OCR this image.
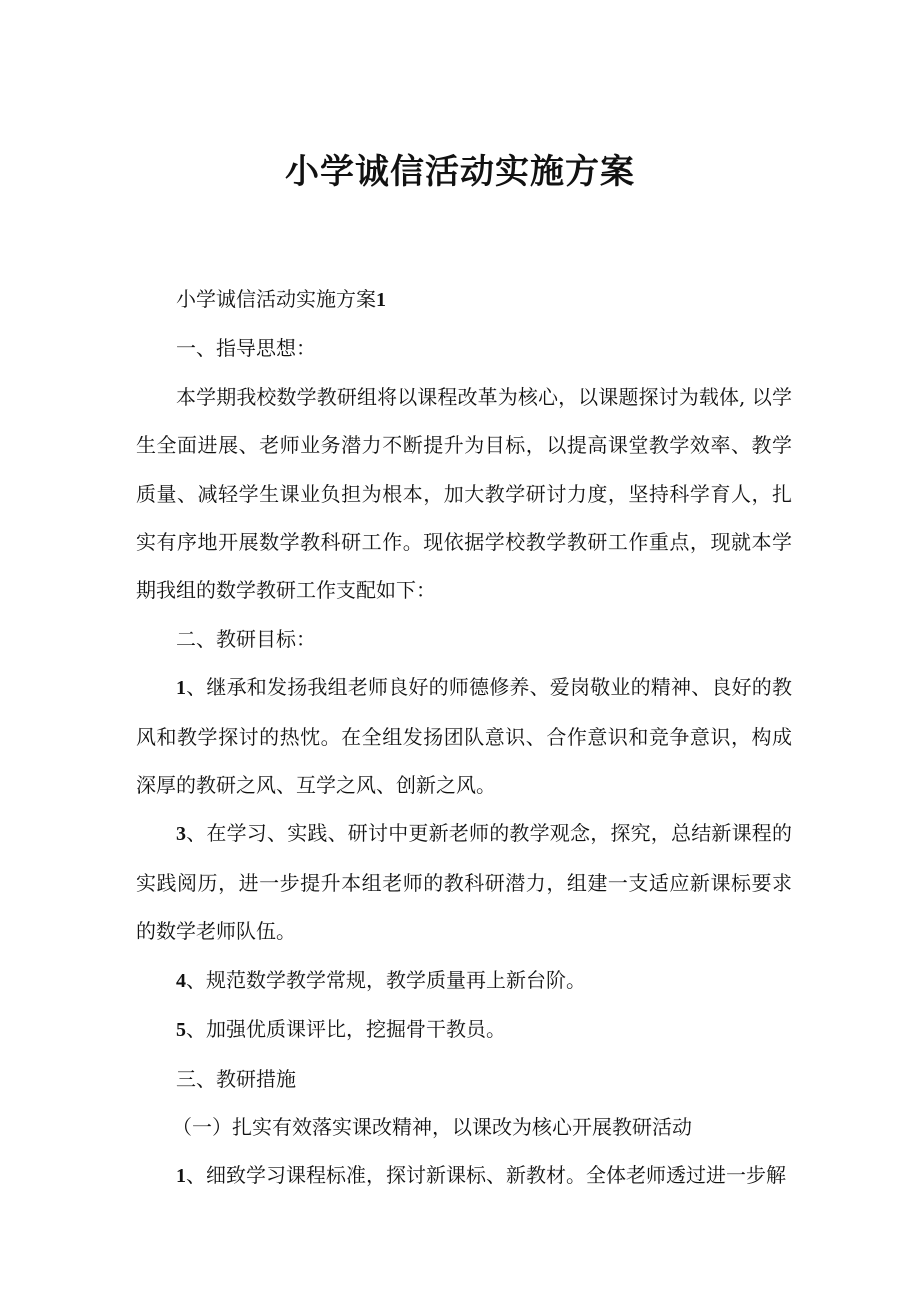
小学诚信活动实施方案

小学诚信活动实施方案1

一、指导思想：

本学期我校数学教研组将以课程改革为核心，以课题探讨为载体, 以学生全面进展、老师业务潜力不断提升为目标，以提高课堂教学效率、教学质量、减轻学生课业负担为根本，加大教学研讨力度，坚持科学育人，扎实有序地开展数学教科研工作。现依据学校教学教研工作重点，现就本学期我组的数学教研工作支配如下：

二、教研目标：

1、继承和发扬我组老师良好的师德修养、爱岗敬业的精神、良好的教风和教学探讨的热忱。在全组发扬团队意识、合作意识和竞争意识，构成深厚的教研之风、互学之风、创新之风。

3、在学习、实践、研讨中更新老师的教学观念，探究，总结新课程的实践阅历，进一步提升本组老师的教科研潜力，组建一支适应新课标要求的数学老师队伍。

4、规范数学教学常规，教学质量再上新台阶。

5、加强优质课评比，挖掘骨干教员。

三、教研措施

（一）扎实有效落实课改精神，以课改为核心开展教研活动

1、细致学习课程标准，探讨新课标、新教材。全体老师透过进一步解
